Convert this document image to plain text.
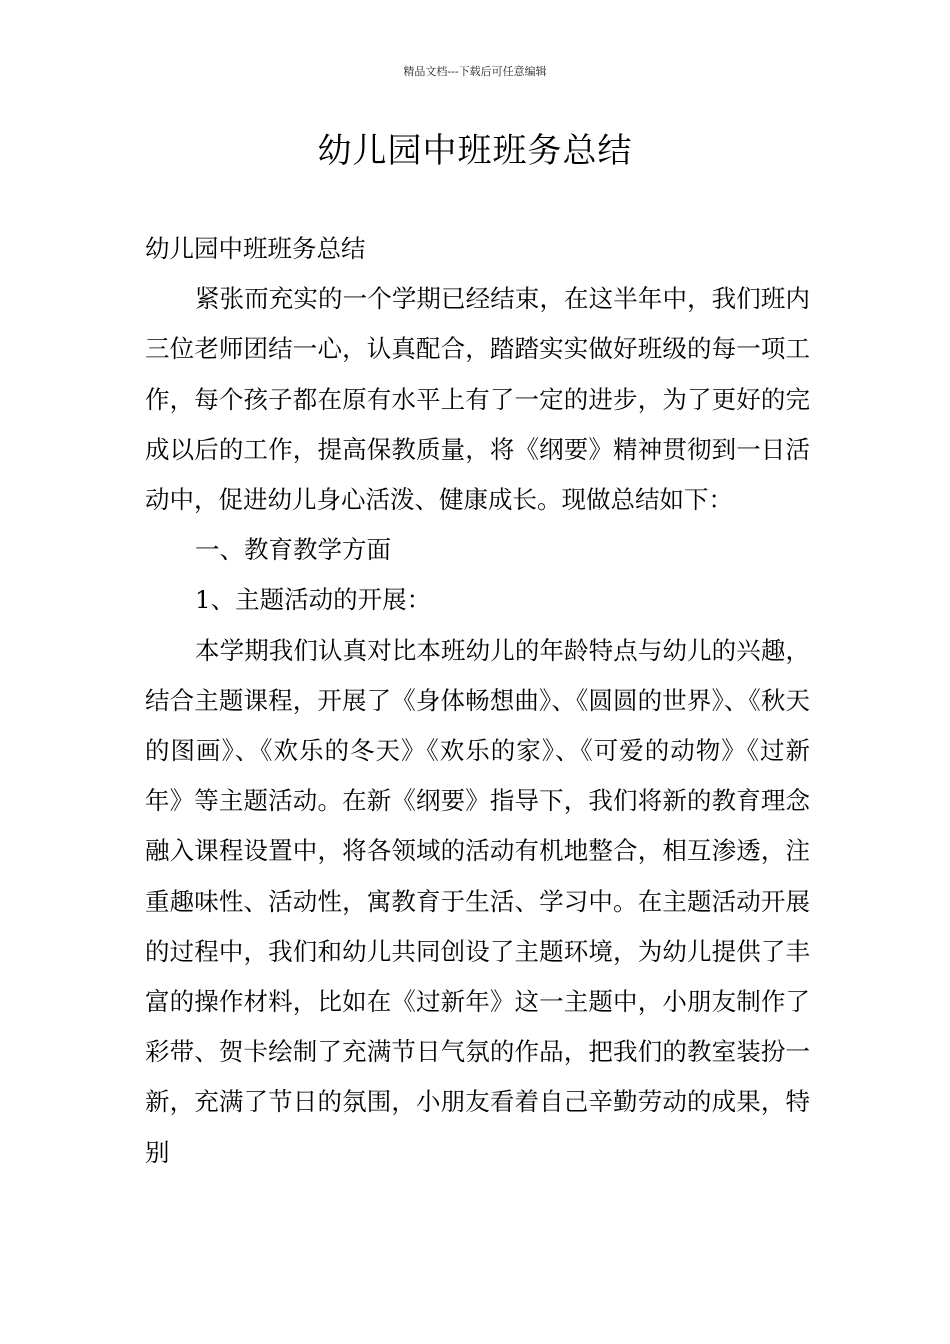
精品文档---下载后可任意编辑
幼儿园中班班务总结

幼儿园中班班务总结

紧张而充实的一个学期已经结束，在这半年中，我们班内三位老师团结一心，认真配合，踏踏实实做好班级的每一项工作，每个孩子都在原有水平上有了一定的进步，为了更好的完成以后的工作，提高保教质量，将《纲要》精神贯彻到一日活动中，促进幼儿身心活泼、健康成长。现做总结如下：

一、教育教学方面

1、主题活动的开展：

本学期我们认真对比本班幼儿的年龄特点与幼儿的兴趣，结合主题课程，开展了《身体畅想曲》、《圆圆的世界》、《秋天的图画》、《欢乐的冬天》《欢乐的家》、《可爱的动物》《过新年》等主题活动。在新《纲要》指导下，我们将新的教育理念融入课程设置中，将各领域的活动有机地整合，相互渗透，注重趣味性、活动性，寓教育于生活、学习中。在主题活动开展的过程中，我们和幼儿共同创设了主题环境，为幼儿提供了丰富的操作材料，比如在《过新年》这一主题中，小朋友制作了彩带、贺卡绘制了充满节日气氛的作品，把我们的教室装扮一新，充满了节日的氛围，小朋友看着自己辛勤劳动的成果，特别
